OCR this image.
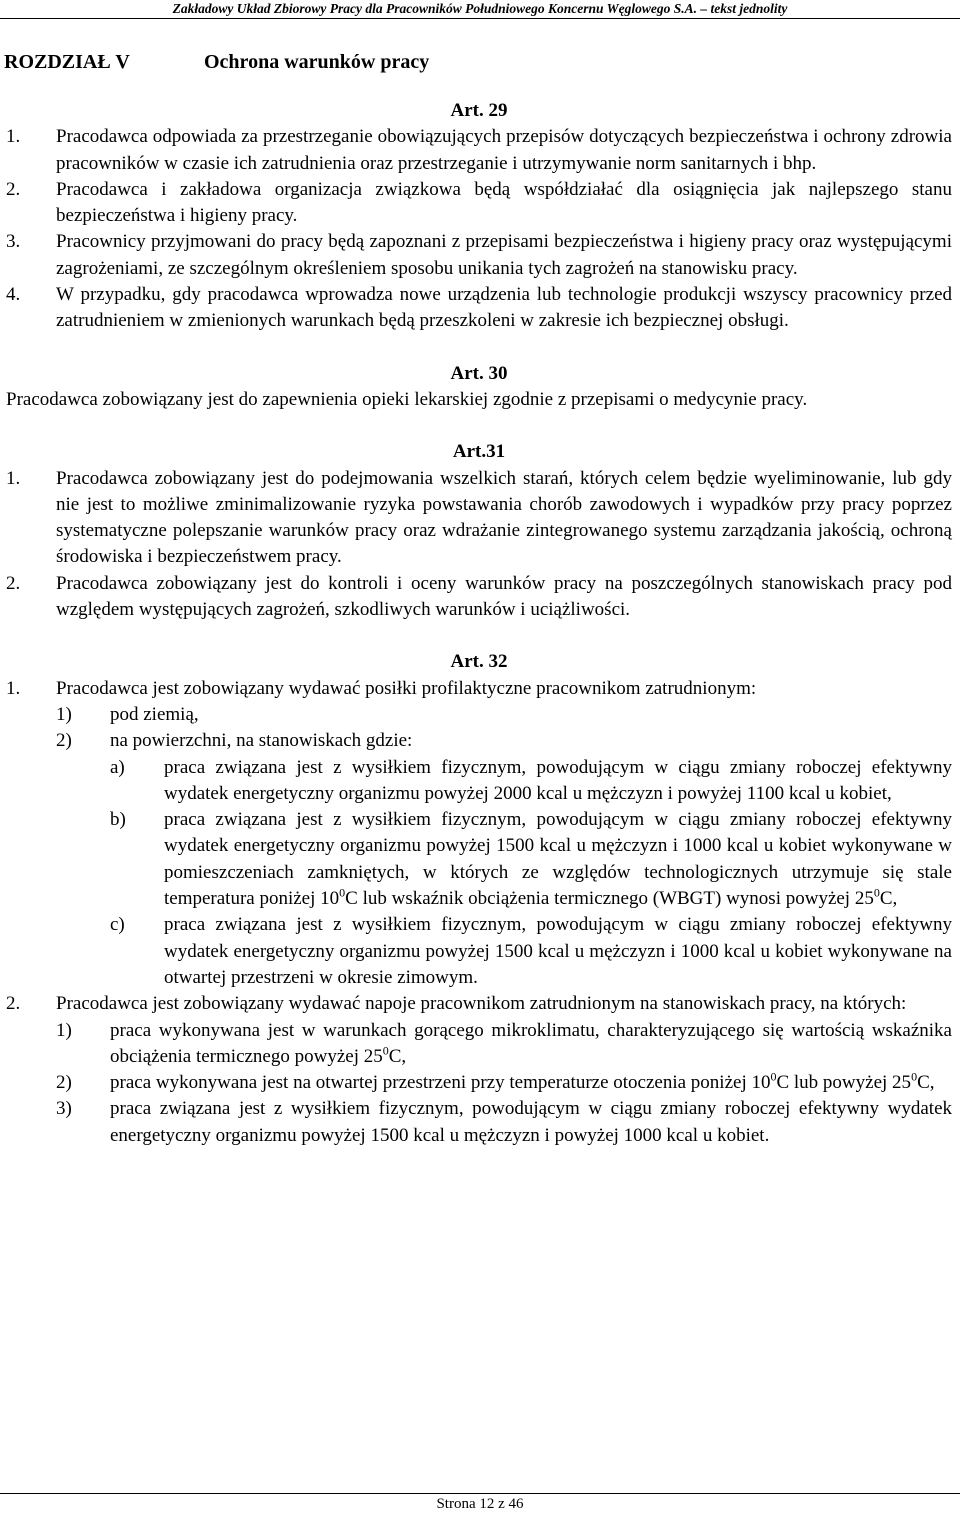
Zakładowy Układ Zbiorowy Pracy dla Pracowników Południowego Koncernu Węglowego S.A. – tekst jednolity
ROZDZIAŁ V	Ochrona warunków pracy
Art. 29
1. Pracodawca odpowiada za przestrzeganie obowiązujących przepisów dotyczących bezpieczeństwa i ochrony zdrowia pracowników w czasie ich zatrudnienia oraz przestrzeganie i utrzymywanie norm sanitarnych i bhp.
2. Pracodawca i zakładowa organizacja związkowa będą współdziałać dla osiągnięcia jak najlepszego stanu bezpieczeństwa i higieny pracy.
3. Pracownicy przyjmowani do pracy będą zapoznani z przepisami bezpieczeństwa i higieny pracy oraz występującymi zagrożeniami, ze szczególnym określeniem sposobu unikania tych zagrożeń na stanowisku pracy.
4. W przypadku, gdy pracodawca wprowadza nowe urządzenia lub technologie produkcji wszyscy pracownicy przed zatrudnieniem w zmienionych warunkach będą przeszkoleni w zakresie ich bezpiecznej obsługi.
Art. 30
Pracodawca zobowiązany jest do zapewnienia opieki lekarskiej zgodnie z przepisami o medycynie pracy.
Art.31
1. Pracodawca zobowiązany jest do podejmowania wszelkich starań, których celem będzie wyeliminowanie, lub gdy nie jest to możliwe zminimalizowanie ryzyka powstawania chorób zawodowych i wypadków przy pracy poprzez systematyczne polepszanie warunków pracy oraz wdrażanie zintegrowanego systemu zarządzania jakością, ochroną środowiska i bezpieczeństwem pracy.
2. Pracodawca zobowiązany jest do kontroli i oceny warunków pracy na poszczególnych stanowiskach pracy pod względem występujących zagrożeń, szkodliwych warunków i uciążliwości.
Art. 32
1. Pracodawca jest zobowiązany wydawać posiłki profilaktyczne pracownikom zatrudnionym:
1) pod ziemią,
2) na powierzchni, na stanowiskach gdzie:
a) praca związana jest z wysiłkiem fizycznym, powodującym w ciągu zmiany roboczej efektywny wydatek energetyczny organizmu powyżej 2000 kcal u mężczyzn i powyżej 1100 kcal u kobiet,
b) praca związana jest z wysiłkiem fizycznym, powodującym w ciągu zmiany roboczej efektywny wydatek energetyczny organizmu powyżej 1500 kcal u mężczyzn i 1000 kcal u kobiet wykonywane w pomieszczeniach zamkniętych, w których ze względów technologicznych utrzymuje się stale temperatura poniżej $10^0C$ lub wskaźnik obciążenia termicznego (WBGT) wynosi powyżej $25^0C$,
c) praca związana jest z wysiłkiem fizycznym, powodującym w ciągu zmiany roboczej efektywny wydatek energetyczny organizmu powyżej 1500 kcal u mężczyzn i 1000 kcal u kobiet wykonywane na otwartej przestrzeni w okresie zimowym.
2. Pracodawca jest zobowiązany wydawać napoje pracownikom zatrudnionym na stanowiskach pracy, na których:
1) praca wykonywana jest w warunkach gorącego mikroklimatu, charakteryzującego się wartością wskaźnika obciążenia termicznego powyżej $25^0C$,
2) praca wykonywana jest na otwartej przestrzeni przy temperaturze otoczenia poniżej $10^0C$ lub powyżej $25^0C$,
3) praca związana jest z wysiłkiem fizycznym, powodującym w ciągu zmiany roboczej efektywny wydatek energetyczny organizmu powyżej 1500 kcal u mężczyzn i powyżej 1000 kcal u kobiet.
Strona 12 z 46
